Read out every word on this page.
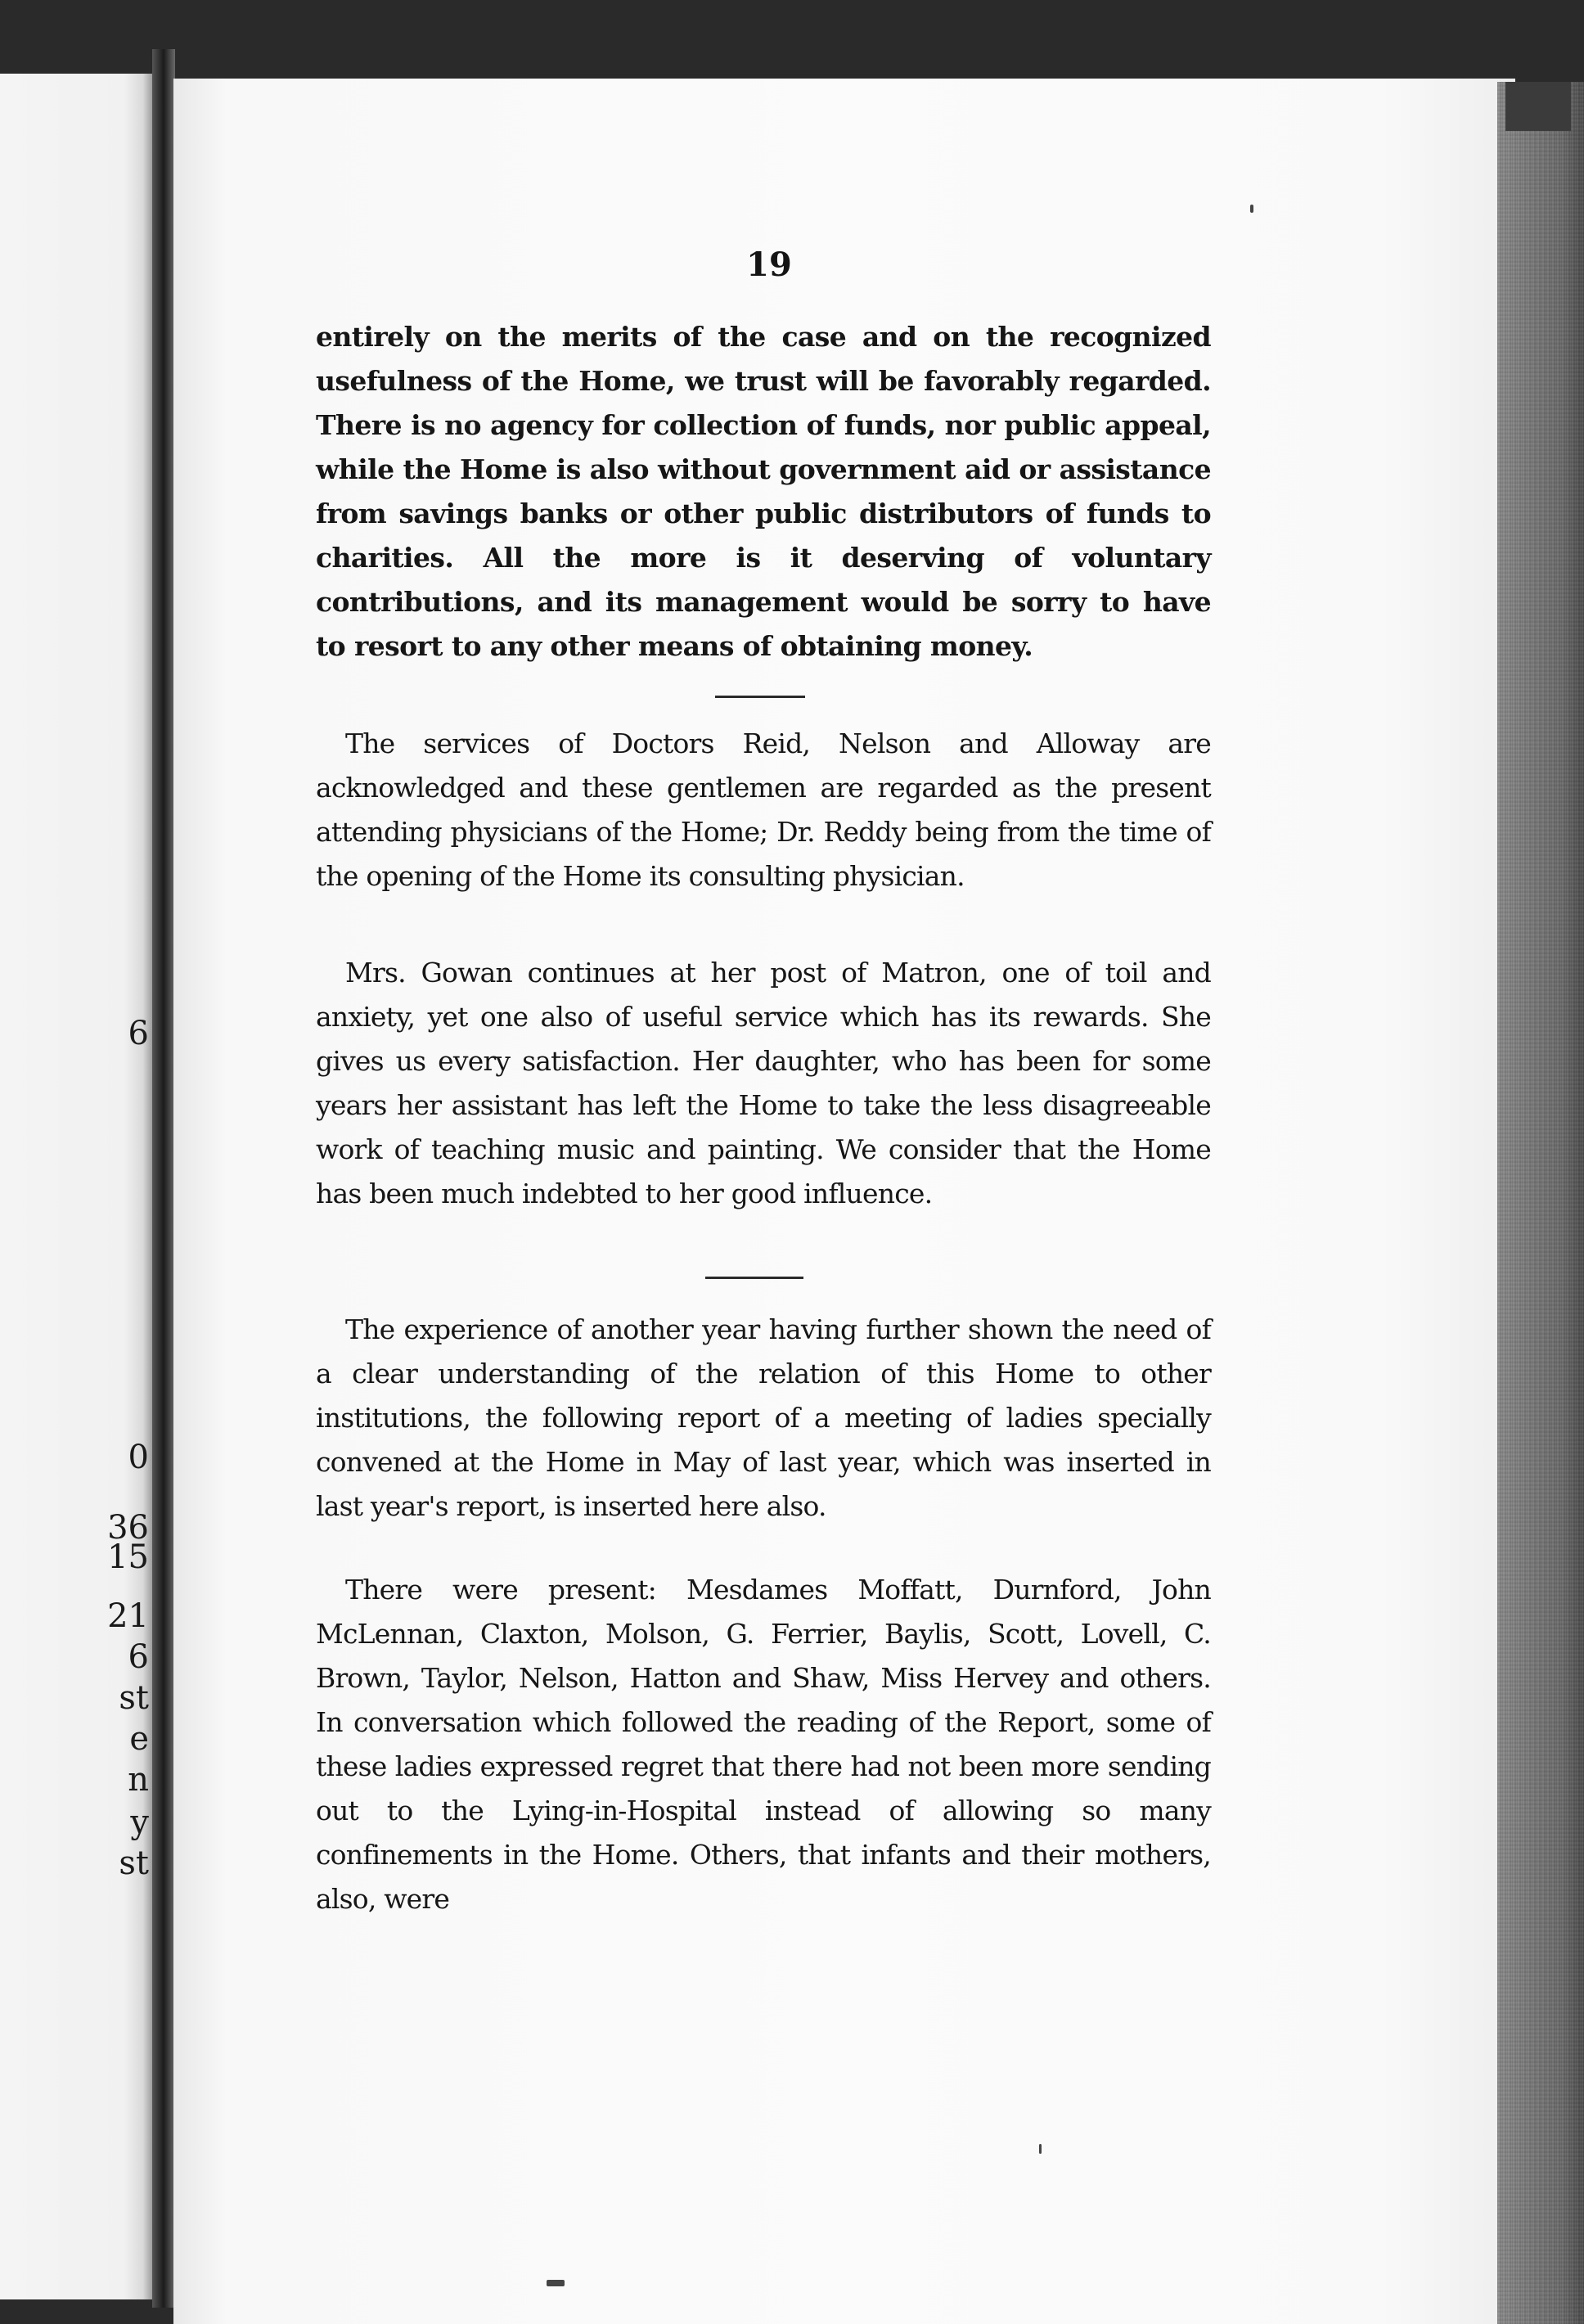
6
0
36
15
21
6
st
e
n
y
st
19

entirely on the merits of the case and on the recognized usefulness of the Home, we trust will be favorably regarded. There is no agency for collection of funds, nor public appeal, while the Home is also without government aid or assistance from savings banks or other public distributors of funds to charities. All the more is it deserving of voluntary contributions, and its management would be sorry to have to resort to any other means of obtaining money.

The services of Doctors Reid, Nelson and Alloway are acknowledged and these gentlemen are regarded as the present attending physicians of the Home; Dr. Reddy being from the time of the opening of the Home its consulting physician.

Mrs. Gowan continues at her post of Matron, one of toil and anxiety, yet one also of useful service which has its rewards. She gives us every satisfaction. Her daughter, who has been for some years her assistant has left the Home to take the less disagreeable work of teaching music and painting. We consider that the Home has been much indebted to her good influence.

The experience of another year having further shown the need of a clear understanding of the relation of this Home to other institutions, the following report of a meeting of ladies specially convened at the Home in May of last year, which was inserted in last year's report, is inserted here also.

There were present: Mesdames Moffatt, Durnford, John McLennan, Claxton, Molson, G. Ferrier, Baylis, Scott, Lovell, C. Brown, Taylor, Nelson, Hatton and Shaw, Miss Hervey and others. In conversation which followed the reading of the Report, some of these ladies expressed regret that there had not been more sending out to the Lying-in-Hospital instead of allowing so many confinements in the Home. Others, that infants and their mothers, also, were
